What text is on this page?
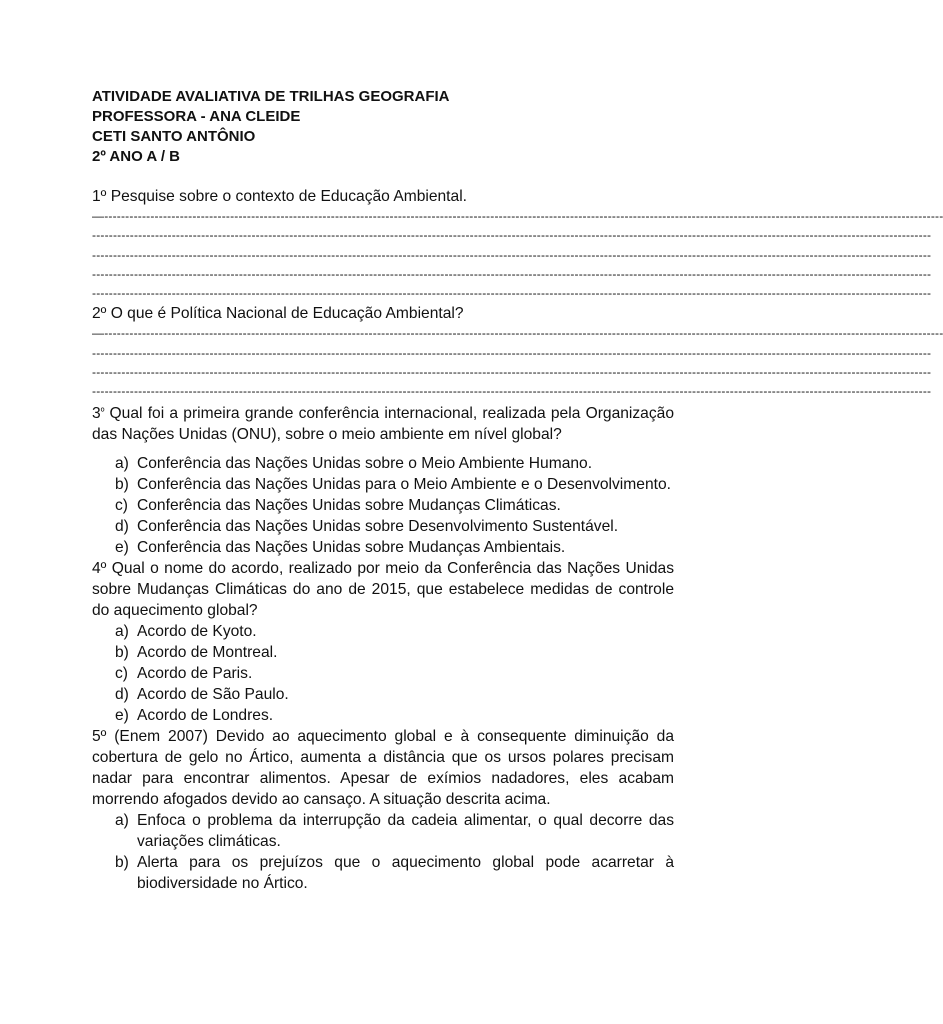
ATIVIDADE AVALIATIVA DE TRILHAS GEOGRAFIA

PROFESSORA - ANA CLEIDE

CETI SANTO ANTÔNIO

2º ANO A / B

1º Pesquise sobre o contexto de Educação Ambiental.

— --------------------------------------------------------------------------------------------------------------------------------------------------------------------------------------------------------
--------------------------------------------------------------------------------------------------------------------------------------------------------------------------------------------------------
--------------------------------------------------------------------------------------------------------------------------------------------------------------------------------------------------------
--------------------------------------------------------------------------------------------------------------------------------------------------------------------------------------------------------
--------------------------------------------------------------------------------------------------------------------------------------------------------------------------------------------------------

2º O que é Política Nacional de Educação Ambiental?

— --------------------------------------------------------------------------------------------------------------------------------------------------------------------------------------------------------
--------------------------------------------------------------------------------------------------------------------------------------------------------------------------------------------------------
--------------------------------------------------------------------------------------------------------------------------------------------------------------------------------------------------------
--------------------------------------------------------------------------------------------------------------------------------------------------------------------------------------------------------

$3^º$ Qual foi a primeira grande conferência internacional, realizada pela Organização das Nações Unidas (ONU), sobre o meio ambiente em nível global?

a) Conferência das Nações Unidas sobre o Meio Ambiente Humano.
b) Conferência das Nações Unidas para o Meio Ambiente e o Desenvolvimento.
c) Conferência das Nações Unidas sobre Mudanças Climáticas.
d) Conferência das Nações Unidas sobre Desenvolvimento Sustentável.
e) Conferência das Nações Unidas sobre Mudanças Ambientais.

4º Qual o nome do acordo, realizado por meio da Conferência das Nações Unidas sobre Mudanças Climáticas do ano de 2015, que estabelece medidas de controle do aquecimento global?

a) Acordo de Kyoto.
b) Acordo de Montreal.
c) Acordo de Paris.
d) Acordo de São Paulo.
e) Acordo de Londres.

5º (Enem 2007) Devido ao aquecimento global e à consequente diminuição da cobertura de gelo no Ártico, aumenta a distância que os ursos polares precisam nadar para encontrar alimentos. Apesar de exímios nadadores, eles acabam morrendo afogados devido ao cansaço. A situação descrita acima.

a) Enfoca o problema da interrupção da cadeia alimentar, o qual decorre das variações climáticas.
b) Alerta para os prejuízos que o aquecimento global pode acarretar à biodiversidade no Ártico.
